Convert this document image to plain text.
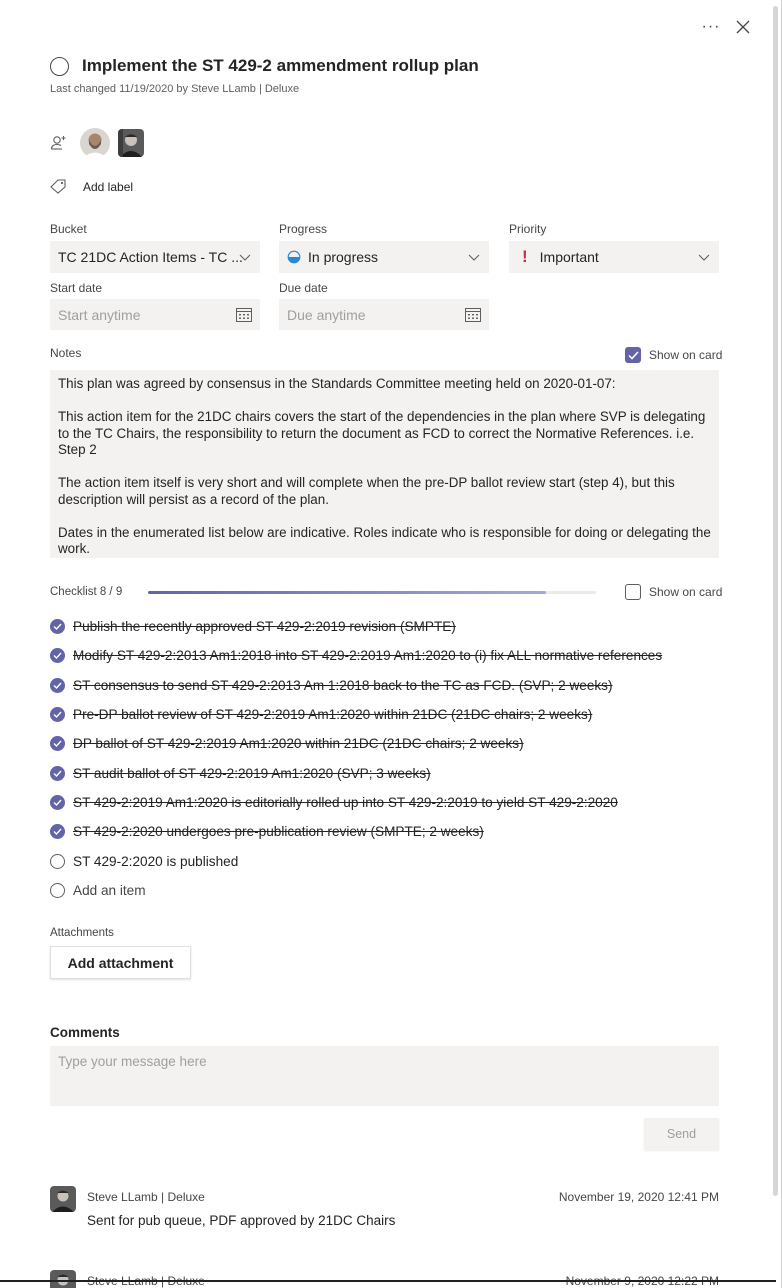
···
Implement the ST 429-2 ammendment rollup plan
Last changed 11/19/2020 by Steve LLamb | Deluxe
Add label
Bucket
TC 21DC Action Items - TC ...
Progress
In progress
Priority
! Important
Start date
Start anytime
Due date
Due anytime
Notes	Show on card

This plan was agreed by consensus in the Standards Committee meeting held on 2020-01-07:

This action item for the 21DC chairs covers the start of the dependencies in the plan where SVP is delegating to the TC Chairs, the responsibility to return the document as FCD to correct the Normative References. i.e. Step 2

The action item itself is very short and will complete when the pre-DP ballot review start (step 4), but this description will persist as a record of the plan.

Dates in the enumerated list below are indicative. Roles indicate who is responsible for doing or delegating the work.

Checklist 8 / 9	Show on card
Publish the recently approved ST 429-2:2019 revision (SMPTE)
Modify ST 429-2:2013 Am1:2018 into ST 429-2:2019 Am1:2020 to (i) fix ALL normative references
ST consensus to send ST 429-2:2013 Am 1:2018 back to the TC as FCD. (SVP; 2 weeks)
Pre-DP ballot review of ST 429-2:2019 Am1:2020 within 21DC (21DC chairs; 2 weeks)
DP ballot of ST 429-2:2019 Am1:2020 within 21DC (21DC chairs; 2 weeks)
ST audit ballot of ST 429-2:2019 Am1:2020 (SVP; 3 weeks)
ST 429-2:2019 Am1:2020 is editorially rolled up into ST 429-2:2019 to yield ST 429-2:2020
ST 429-2:2020 undergoes pre-publication review (SMPTE; 2 weeks)
ST 429-2:2020 is published
Add an item
Attachments
Add attachment
Comments
Type your message here
Send
Steve LLamb | Deluxe	November 19, 2020 12:41 PM
Sent for pub queue, PDF approved by 21DC Chairs
